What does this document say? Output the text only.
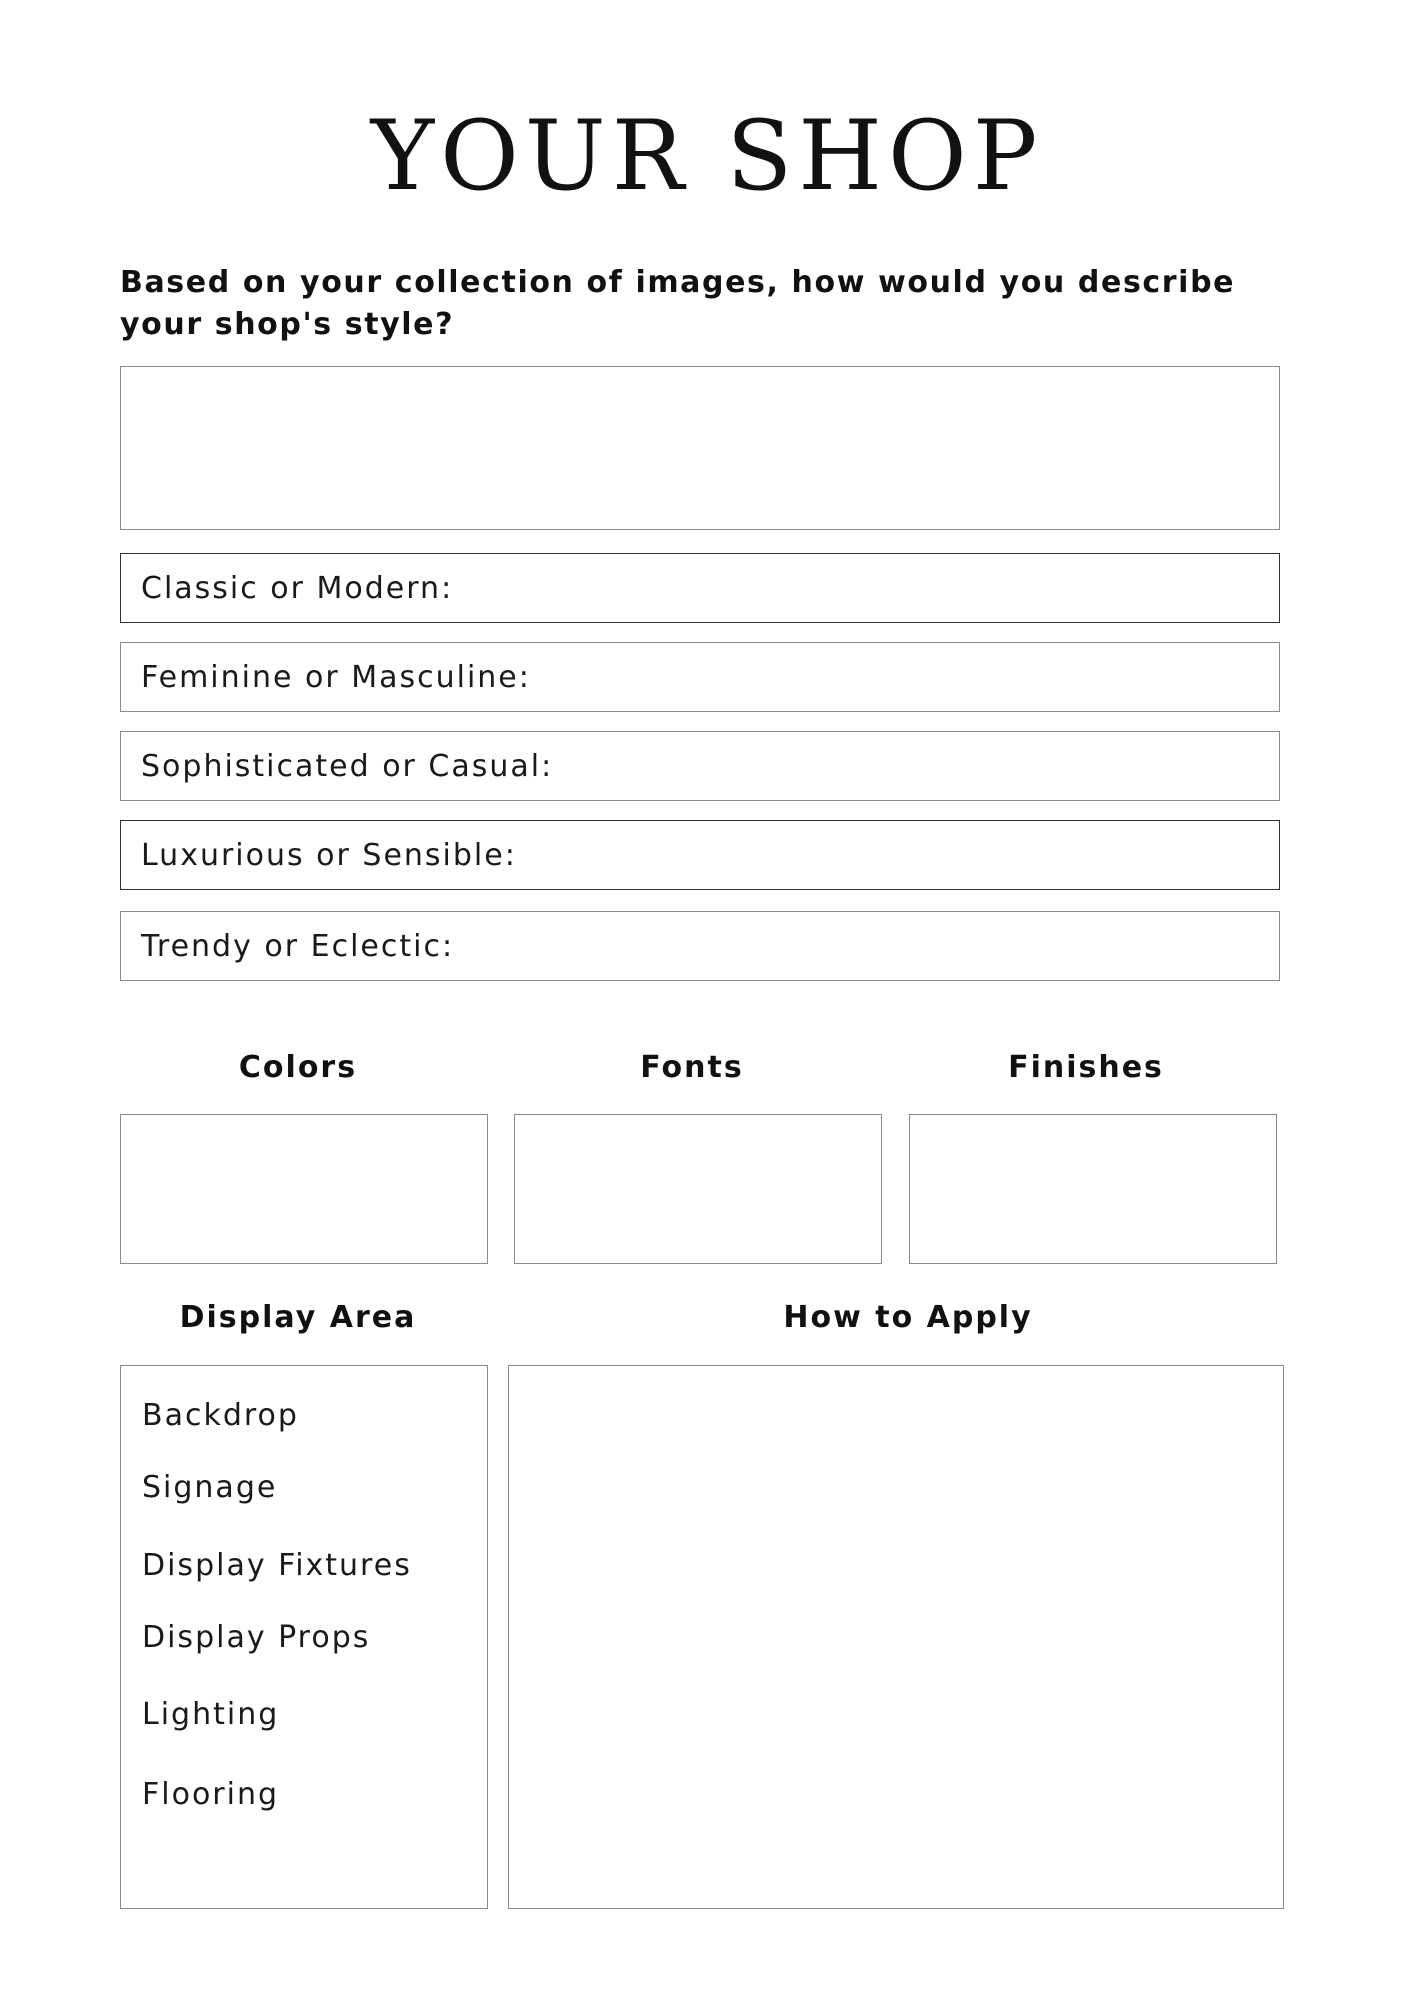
YOUR SHOP

Based on your collection of images, how would you describe your shop's style?

Classic or Modern:
Feminine or Masculine:
Sophisticated or Casual:
Luxurious or Sensible:
Trendy or Eclectic:

Colors	Fonts	Finishes

Display Area	How to Apply

Backdrop
Signage
Display Fixtures
Display Props
Lighting
Flooring
